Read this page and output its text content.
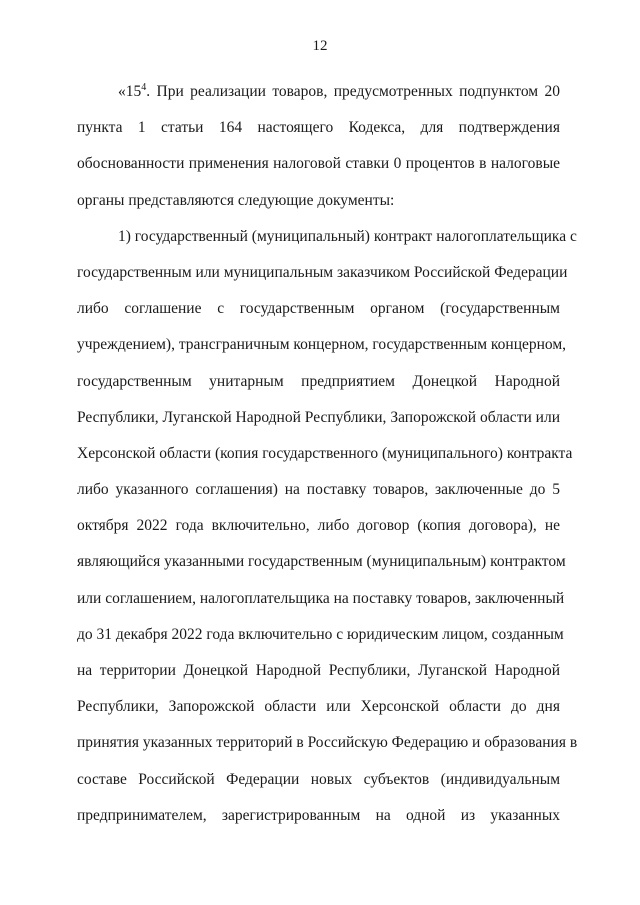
12
«$15^4$. При реализации товаров, предусмотренных подпунктом 20
пункта 1 статьи 164 настоящего Кодекса, для подтверждения
обоснованности применения налоговой ставки 0 процентов в налоговые
органы представляются следующие документы:
1) государственный (муниципальный) контракт налогоплательщика с
государственным или муниципальным заказчиком Российской Федерации
либо соглашение с государственным органом (государственным
учреждением), трансграничным концерном, государственным концерном,
государственным унитарным предприятием Донецкой Народной
Республики, Луганской Народной Республики, Запорожской области или
Херсонской области (копия государственного (муниципального) контракта
либо указанного соглашения) на поставку товаров, заключенные до 5
октября 2022 года включительно, либо договор (копия договора), не
являющийся указанными государственным (муниципальным) контрактом
или соглашением, налогоплательщика на поставку товаров, заключенный
до 31 декабря 2022 года включительно с юридическим лицом, созданным
на территории Донецкой Народной Республики, Луганской Народной
Республики, Запорожской области или Херсонской области до дня
принятия указанных территорий в Российскую Федерацию и образования в
составе Российской Федерации новых субъектов (индивидуальным
предпринимателем, зарегистрированным на одной из указанных
